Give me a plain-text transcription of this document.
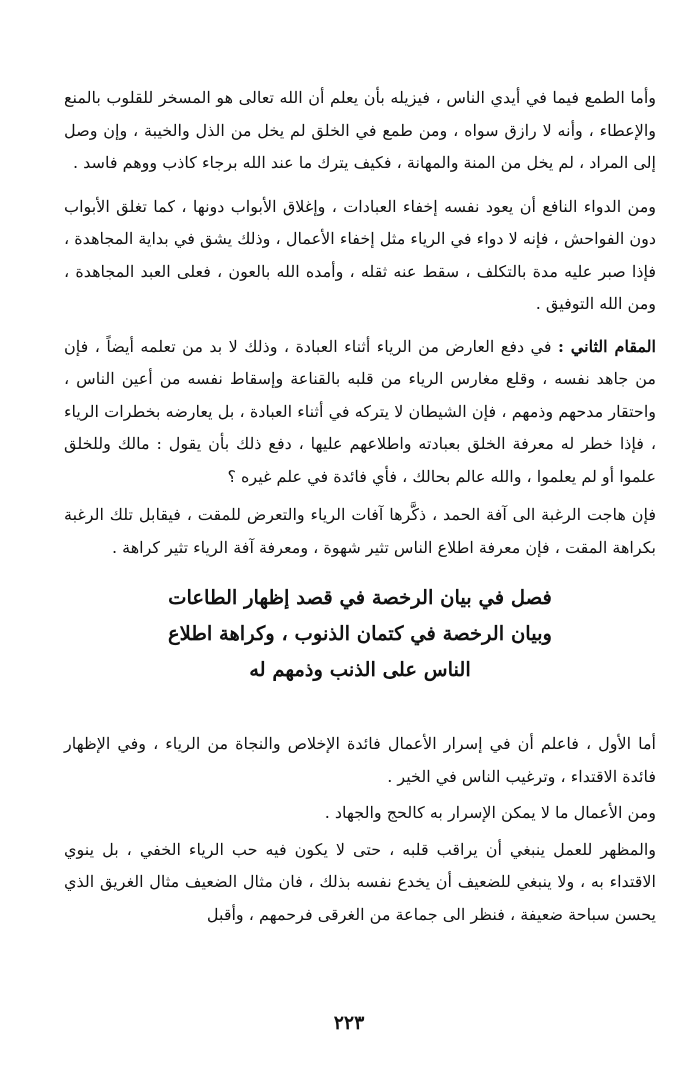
وأما الطمع فيما في أيدي الناس ، فيزيله بأن يعلم أن الله تعالى هو المسخر للقلوب بالمنع والإعطاء ، وأنه لا رازق سواه ، ومن طمع في الخلق لم يخل من الذل والخيبة ، وإن وصل إلى المراد ، لم يخل من المنة والمهانة ، فكيف يترك ما عند الله برجاء كاذب ووهم فاسد .

ومن الدواء النافع أن يعود نفسه إخفاء العبادات ، وإغلاق الأبواب دونها ، كما تغلق الأبواب دون الفواحش ، فإنه لا دواء في الرياء مثل إخفاء الأعمال ، وذلك يشق في بداية المجاهدة ، فإذا صبر عليه مدة بالتكلف ، سقط عنه ثقله ، وأمده الله بالعون ، فعلى العبد المجاهدة ، ومن الله التوفيق .

المقام الثاني : في دفع العارض من الرياء أثناء العبادة ، وذلك لا بد من تعلمه أيضاً ، فإن من جاهد نفسه ، وقلع مغارس الرياء من قلبه بالقناعة وإسقاط نفسه من أعين الناس ، واحتقار مدحهم وذمهم ، فإن الشيطان لا يتركه في أثناء العبادة ، بل يعارضه بخطرات الرياء ، فإذا خطر له معرفة الخلق بعبادته واطلاعهم عليها ، دفع ذلك بأن يقول : مالك وللخلق علموا أو لم يعلموا ، والله عالم بحالك ، فأي فائدة في علم غيره ؟

فإن هاجت الرغبة الى آفة الحمد ، ذكَّرها آفات الرياء والتعرض للمقت ، فيقابل تلك الرغبة بكراهة المقت ، فإن معرفة اطلاع الناس تثير شهوة ، ومعرفة آفة الرياء تثير كراهة .

فصل في بيان الرخصة في قصد إظهار الطاعات
وبيان الرخصة في كتمان الذنوب ، وكراهة اطلاع
الناس على الذنب وذمهم له

أما الأول ، فاعلم أن في إسرار الأعمال فائدة الإخلاص والنجاة من الرياء ، وفي الإظهار فائدة الاقتداء ، وترغيب الناس في الخير .

ومن الأعمال ما لا يمكن الإسرار به كالحج والجهاد .

والمظهر للعمل ينبغي أن يراقب قلبه ، حتى لا يكون فيه حب الرياء الخفي ، بل ينوي الاقتداء به ، ولا ينبغي للضعيف أن يخدع نفسه بذلك ، فان مثال الضعيف مثال الغريق الذي يحسن سباحة ضعيفة ، فنظر الى جماعة من الغرقى فرحمهم ، وأقبل

٢٢٣
